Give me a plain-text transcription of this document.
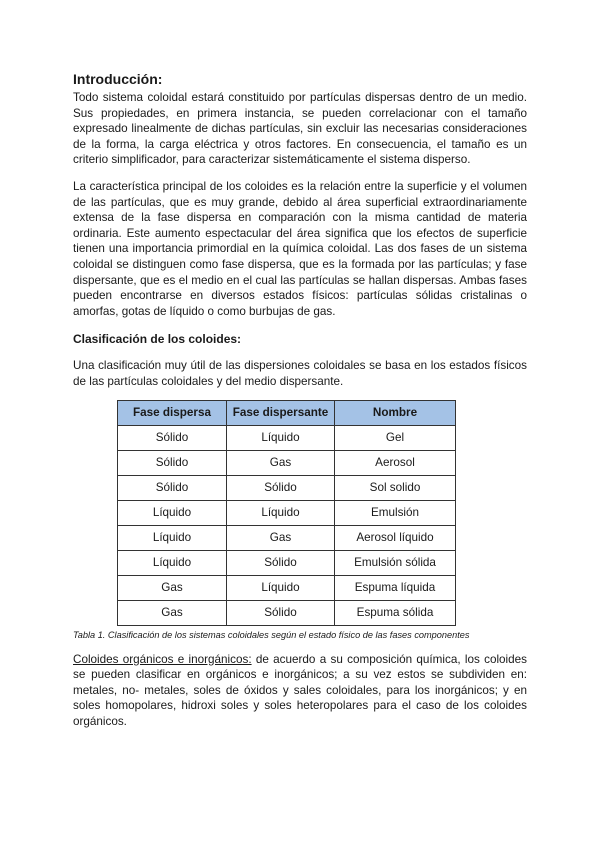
Introducción:

Todo sistema coloidal estará constituido por partículas dispersas dentro de un medio. Sus propiedades, en primera instancia, se pueden correlacionar con el tamaño expresado linealmente de dichas partículas, sin excluir las necesarias consideraciones de la forma, la carga eléctrica y otros factores. En consecuencia, el tamaño es un criterio simplificador, para caracterizar sistemáticamente el sistema disperso.

La característica principal de los coloides es la relación entre la superficie y el volumen de las partículas, que es muy grande, debido al área superficial extraordinariamente extensa de la fase dispersa en comparación con la misma cantidad de materia ordinaria. Este aumento espectacular del área significa que los efectos de superficie tienen una importancia primordial en la química coloidal. Las dos fases de un sistema coloidal se distinguen como fase dispersa, que es la formada por las partículas; y fase dispersante, que es el medio en el cual las partículas se hallan dispersas. Ambas fases pueden encontrarse en diversos estados físicos: partículas sólidas cristalinas o amorfas, gotas de líquido o como burbujas de gas.

Clasificación de los coloides:

Una clasificación muy útil de las dispersiones coloidales se basa en los estados físicos de las partículas coloidales y del medio dispersante.

Fase dispersa	Fase dispersante	Nombre
Sólido	Líquido	Gel
Sólido	Gas	Aerosol
Sólido	Sólido	Sol solido
Líquido	Líquido	Emulsión
Líquido	Gas	Aerosol líquido
Líquido	Sólido	Emulsión sólida
Gas	Líquido	Espuma líquida
Gas	Sólido	Espuma sólida
Tabla 1. Clasificación de los sistemas coloidales según el estado físico de las fases componentes

Coloides orgánicos e inorgánicos: de acuerdo a su composición química, los coloides se pueden clasificar en orgánicos e inorgánicos; a su vez estos se subdividen en: metales, no- metales, soles de óxidos y sales coloidales, para los inorgánicos; y en soles homopolares, hidroxi soles y soles heteropolares para el caso de los coloides orgánicos.
